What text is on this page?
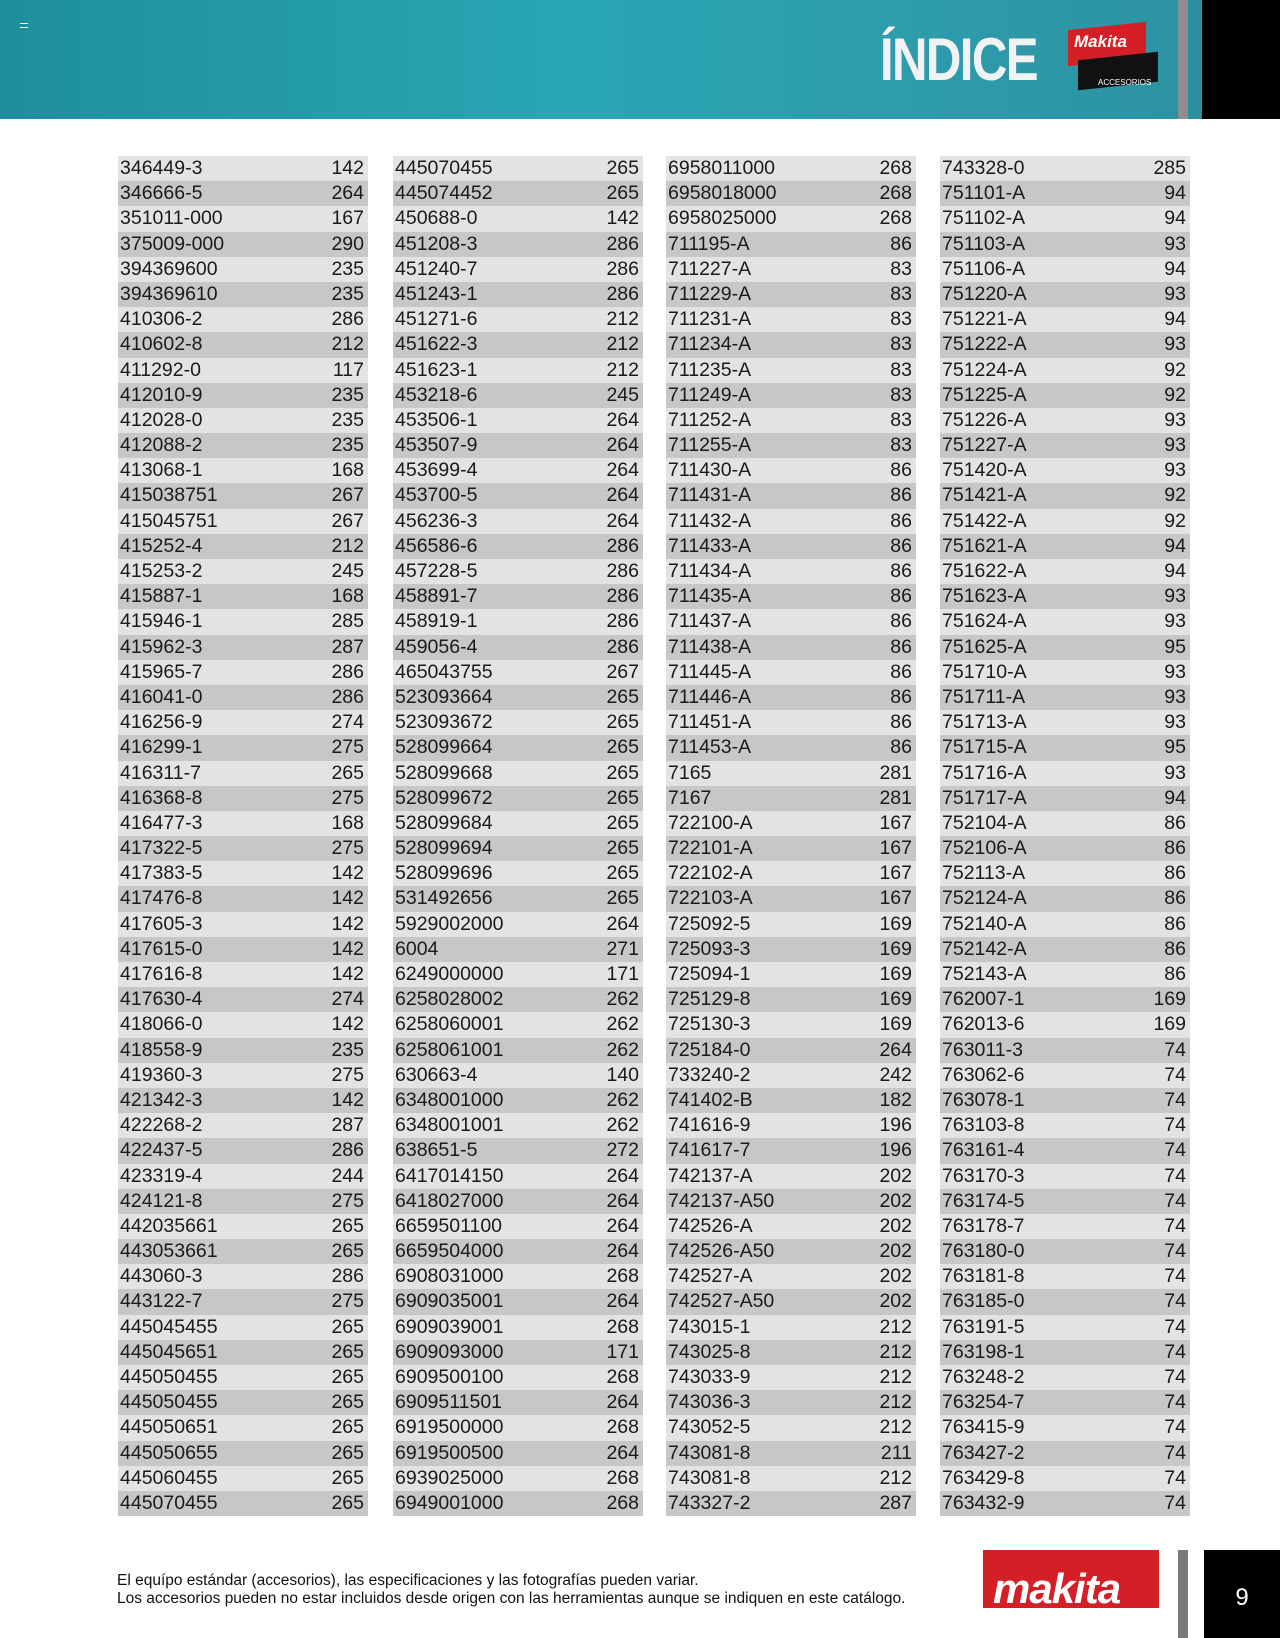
ÍNDICE Makita
ACCESORIOS
346449-3	142
346666-5	264
351011-000	167
375009-000	290
394369600	235
394369610	235
410306-2	286
410602-8	212
411292-0	117
412010-9	235
412028-0	235
412088-2	235
413068-1	168
415038751	267
415045751	267
415252-4	212
415253-2	245
415887-1	168
415946-1	285
415962-3	287
415965-7	286
416041-0	286
416256-9	274
416299-1	275
416311-7	265
416368-8	275
416477-3	168
417322-5	275
417383-5	142
417476-8	142
417605-3	142
417615-0	142
417616-8	142
417630-4	274
418066-0	142
418558-9	235
419360-3	275
421342-3	142
422268-2	287
422437-5	286
423319-4	244
424121-8	275
442035661	265
443053661	265
443060-3	286
443122-7	275
445045455	265
445045651	265
445050455	265
445050455	265
445050651	265
445050655	265
445060455	265
445070455	265
445070455	265
445074452	265
450688-0	142
451208-3	286
451240-7	286
451243-1	286
451271-6	212
451622-3	212
451623-1	212
453218-6	245
453506-1	264
453507-9	264
453699-4	264
453700-5	264
456236-3	264
456586-6	286
457228-5	286
458891-7	286
458919-1	286
459056-4	286
465043755	267
523093664	265
523093672	265
528099664	265
528099668	265
528099672	265
528099684	265
528099694	265
528099696	265
531492656	265
5929002000	264
6004	271
6249000000	171
6258028002	262
6258060001	262
6258061001	262
630663-4	140
6348001000	262
6348001001	262
638651-5	272
6417014150	264
6418027000	264
6659501100	264
6659504000	264
6908031000	268
6909035001	264
6909039001	268
6909093000	171
6909500100	268
6909511501	264
6919500000	268
6919500500	264
6939025000	268
6949001000	268
6958011000	268
6958018000	268
6958025000	268
711195-A	86
711227-A	83
711229-A	83
711231-A	83
711234-A	83
711235-A	83
711249-A	83
711252-A	83
711255-A	83
711430-A	86
711431-A	86
711432-A	86
711433-A	86
711434-A	86
711435-A	86
711437-A	86
711438-A	86
711445-A	86
711446-A	86
711451-A	86
711453-A	86
7165	281
7167	281
722100-A	167
722101-A	167
722102-A	167
722103-A	167
725092-5	169
725093-3	169
725094-1	169
725129-8	169
725130-3	169
725184-0	264
733240-2	242
741402-B	182
741616-9	196
741617-7	196
742137-A	202
742137-A50	202
742526-A	202
742526-A50	202
742527-A	202
742527-A50	202
743015-1	212
743025-8	212
743033-9	212
743036-3	212
743052-5	212
743081-8	211
743081-8	212
743327-2	287
743328-0	285
751101-A	94
751102-A	94
751103-A	93
751106-A	94
751220-A	93
751221-A	94
751222-A	93
751224-A	92
751225-A	92
751226-A	93
751227-A	93
751420-A	93
751421-A	92
751422-A	92
751621-A	94
751622-A	94
751623-A	93
751624-A	93
751625-A	95
751710-A	93
751711-A	93
751713-A	93
751715-A	95
751716-A	93
751717-A	94
752104-A	86
752106-A	86
752113-A	86
752124-A	86
752140-A	86
752142-A	86
752143-A	86
762007-1	169
762013-6	169
763011-3	74
763062-6	74
763078-1	74
763103-8	74
763161-4	74
763170-3	74
763174-5	74
763178-7	74
763180-0	74
763181-8	74
763185-0	74
763191-5	74
763198-1	74
763248-2	74
763254-7	74
763415-9	74
763427-2	74
763429-8	74
763432-9	74
El equípo estándar (accesorios), las especificaciones y las fotografías pueden variar.
Los accesorios pueden no estar incluidos desde origen con las herramientas aunque se indiquen en este catálogo. makita	9
